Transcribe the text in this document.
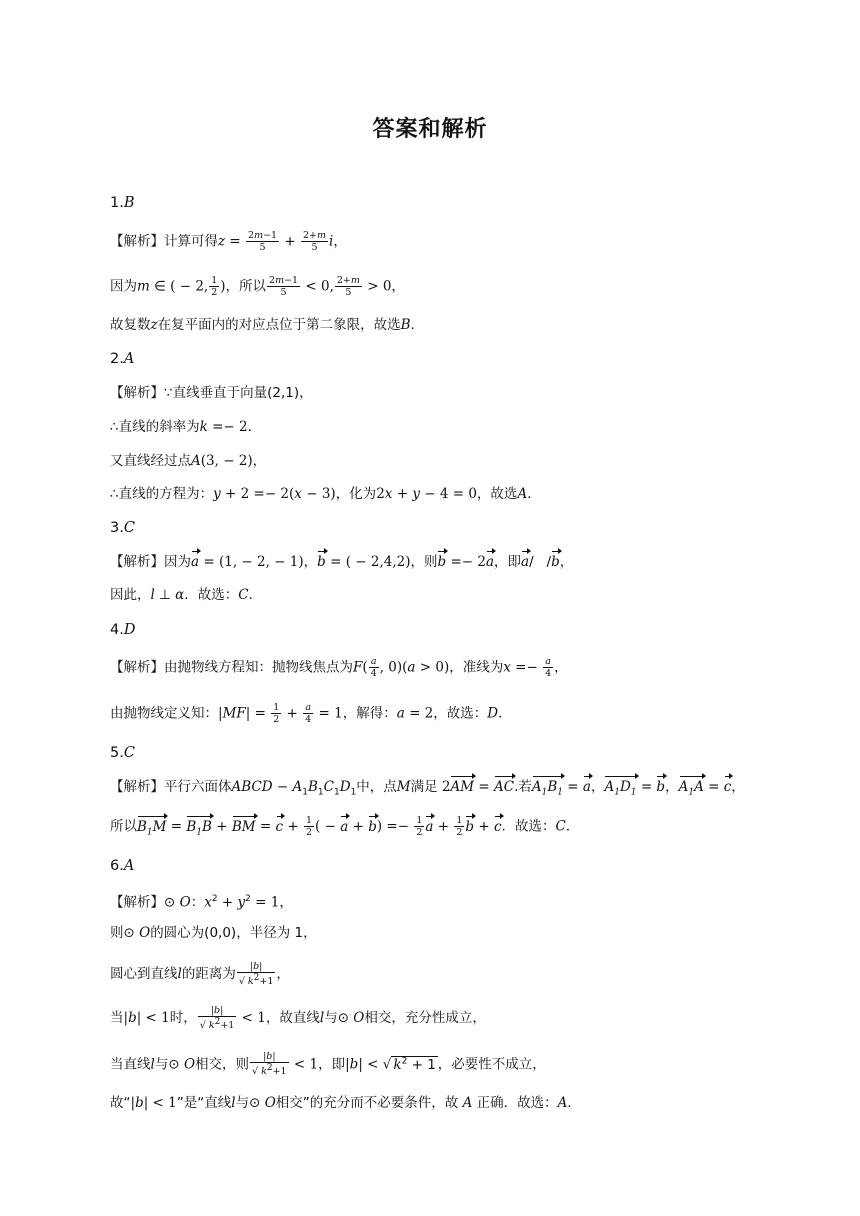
答案和解析
1.B
【解析】计算可得$z = \frac{2m-1}{5} + \frac{2+m}{5}$ i，
因为m ∈ ( − 2, $\frac{1}{2}$ )，所以 $\frac{2m-1}{5} < 0$, $\frac{2+m}{5} > 0$，
故复数z在复平面内的对应点位于第二象限，故选B．
2.A
【解析】∵直线垂直于向量(2,1)，
∴直线的斜率为k =− 2．
又直线经过点A(3, − 2)，
∴直线的方程为：y + 2 =− 2(x − 3)，化为2x + y − 4 = 0，故选A．
3.C
【解析】因为a = (1, − 2, − 1)，b = ( − 2,4,2)，则b =− 2a，即a/   /b，
因此，l ⊥ α．故选：C．
4.D
【解析】由抛物线方程知：抛物线焦点为$F( \frac{a}{4}$ , 0)(a > 0)，准线为$x =- \frac{a}{4}$ ，
由抛物线定义知：$|MF| = \frac{1}{2} + \frac{a}{4} = 1$，解得：a = 2，故选：D．
5.C
【解析】平行六面体ABCD − $A_1B_1C_1D_1$中，点M满足 2AM = AC.若$A_1B_1 = a$，$A_1D_1 = b$，$A_1A = c$，
所以$B_1M = B_1B$ + BM = $c + \frac{1}{2}$ ( − $a + b) =- \frac{1}{2}$ $a + \frac{1}{2}$ b + c．故选：C．
6.A
【解析】⊙ O：$x^2 + y^2 = 1$，
则⊙ O的圆心为(0,0)，半径为 1，
圆心到直线l的距离为 $\frac{|b|}{√ k^2+1}$ ，
当|b| < 1时， $\frac{|b|}{√ k^2+1} < 1$，故直线l与⊙ O相交，充分性成立，
当直线l与⊙ O相交，则 $\frac{|b|}{√ k^2+1} < 1$，即|b| < √ $k^2 + 1$ ，必要性不成立，
故“|b| < 1”是“直线l与⊙ O相交”的充分而不必要条件，故 A 正确．故选：A．
